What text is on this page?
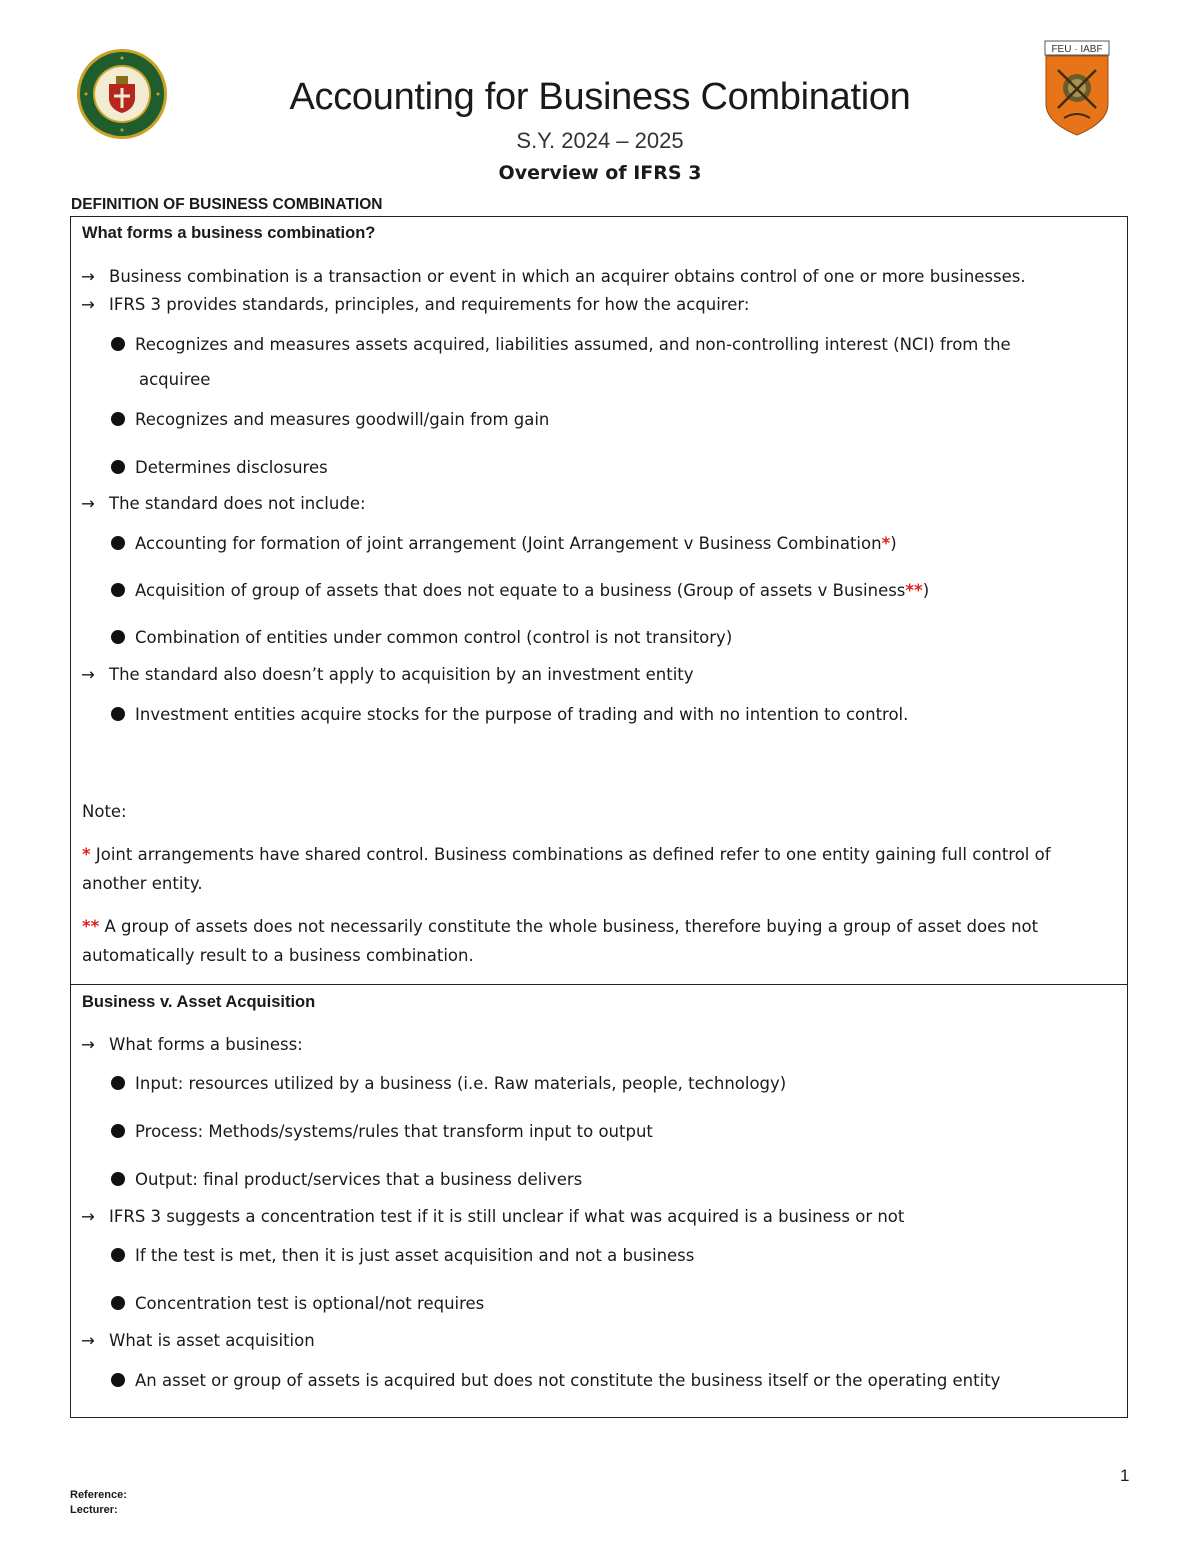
FEU · IABF
Accounting for Business Combination
S.Y. 2024 – 2025
Overview of IFRS 3
DEFINITION OF BUSINESS COMBINATION
What forms a business combination?
→ Business combination is a transaction or event in which an acquirer obtains control of one or more businesses.
→ IFRS 3 provides standards, principles, and requirements for how the acquirer:
Recognizes and measures assets acquired, liabilities assumed, and non-controlling interest (NCI) from the
acquiree
Recognizes and measures goodwill/gain from gain
Determines disclosures
→ The standard does not include:
Accounting for formation of joint arrangement (Joint Arrangement v Business Combination*)
Acquisition of group of assets that does not equate to a business (Group of assets v Business**)
Combination of entities under common control (control is not transitory)
→ The standard also doesn’t apply to acquisition by an investment entity
Investment entities acquire stocks for the purpose of trading and with no intention to control.
Note:
* Joint arrangements have shared control. Business combinations as defined refer to one entity gaining full control of
another entity.
** A group of assets does not necessarily constitute the whole business, therefore buying a group of asset does not
automatically result to a business combination.
Business v. Asset Acquisition
→ What forms a business:
Input: resources utilized by a business (i.e. Raw materials, people, technology)
Process: Methods/systems/rules that transform input to output
Output: final product/services that a business delivers
→ IFRS 3 suggests a concentration test if it is still unclear if what was acquired is a business or not
If the test is met, then it is just asset acquisition and not a business
Concentration test is optional/not requires
→ What is asset acquisition
An asset or group of assets is acquired but does not constitute the business itself or the operating entity
1
Reference:
Lecturer:
